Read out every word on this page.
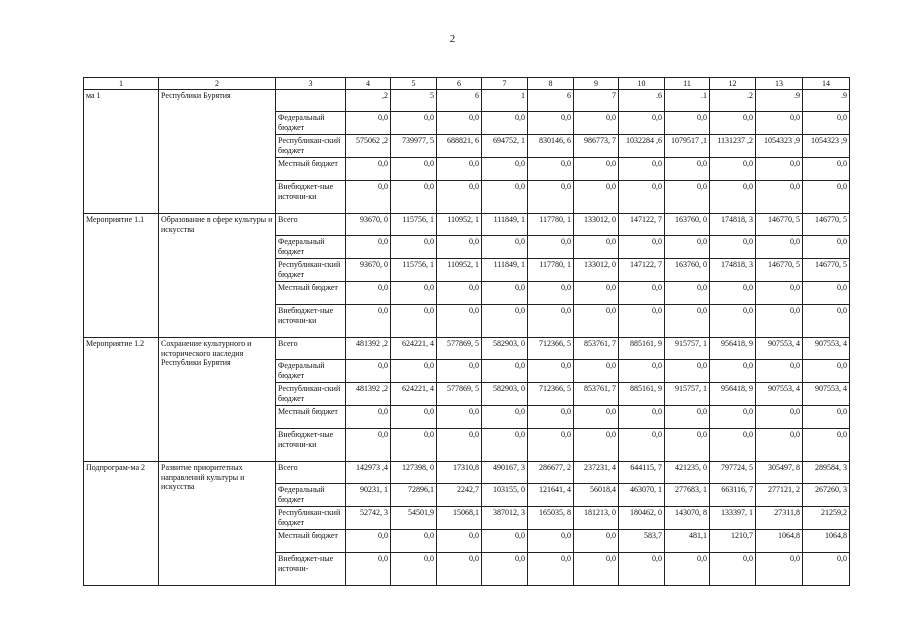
2
1	2	3	4	5	6	7	8	9	10	11	12	13	14
ма 1	Республики Бурятия		,2	5	6	1	6	7	.6	.1	.2	.9	.9
		Федеральный бюджет	0,0	0,0	0,0	0,0	0,0	0,0	0,0	0,0	0,0	0,0	0,0
		Республикан-ский бюджет	575062 ,2	739977, 5	688821, 6	694752, 1	830146, 6	986773, 7	1032284 ,6	1079517 ,1	1131237 ,2	1054323 ,9	1054323 ,9
		Местный бюджет	0,0	0,0	0,0	0,0	0,0	0,0	0,0	0,0	0,0	0,0	0,0
		Внебюджет-ные источни-ки	0,0	0,0	0,0	0,0	0,0	0,0	0,0	0,0	0,0	0,0	0,0
Мероприятие 1.1	Образование в сфере культуры и искусства	Всего	93670, 0	115756, 1	110952, 1	111849, 1	117780, 1	133012, 0	147122, 7	163760, 0	174818, 3	146770, 5	146770, 5
		Федеральный бюджет	0,0	0,0	0,0	0,0	0,0	0,0	0,0	0,0	0,0	0,0	0,0
		Республикан-ский бюджет	93670, 0	115756, 1	110952, 1	111849, 1	117780, 1	133012, 0	147122, 7	163760, 0	174818, 3	146770, 5	146770, 5
		Местный бюджет	0,0	0,0	0,0	0,0	0,0	0,0	0,0	0,0	0,0	0,0	0,0
		Внебюджет-ные источни-ки	0,0	0,0	0,0	0,0	0,0	0,0	0,0	0,0	0,0	0,0	0,0
Мероприятие 1.2	Сохранение культурного и исторического наследия Республики Бурятия	Всего	481392 ,2	624221, 4	577869, 5	582903, 0	712366, 5	853761, 7	885161, 9	915757, 1	956418, 9	907553, 4	907553, 4
		Федеральный бюджет	0,0	0,0	0,0	0,0	0,0	0,0	0,0	0,0	0,0	0,0	0,0
		Республикан-ский бюджет	481392 ,2	624221, 4	577869, 5	582903, 0	712366, 5	853761, 7	885161, 9	915757, 1	956418, 9	907553, 4	907553, 4
		Местный бюджет	0,0	0,0	0,0	0,0	0,0	0,0	0,0	0,0	0,0	0,0	0,0
		Внебюджет-ные источни-ки	0,0	0,0	0,0	0,0	0,0	0,0	0,0	0,0	0,0	0,0	0,0
Подпрограм-ма 2	Развитие приоритетных направлений культуры и искусства	Всего	142973 ,4	127398, 0	17310,8	490167, 3	286677, 2	237231, 4	644115, 7	421235, 0	797724, 5	305497, 8	289584, 3
		Федеральный бюджет	90231, 1	72896,1	2242,7	103155, 0	121641, 4	56018,4	463070, 1	277683, 1	663116, 7	277121, 2	267260, 3
		Республикан-ский бюджет	52742, 3	54501,9	15068,1	387012, 3	165035, 8	181213, 0	180462, 0	143070, 8	133397, 1	27311,8	21259,2
		Местный бюджет	0,0	0,0	0,0	0,0	0,0	0,0	583,7	481,1	1210,7	1064,8	1064,8
		Внебюджет-ные источни-	0,0	0,0	0,0	0,0	0,0	0,0	0,0	0,0	0,0	0,0	0,0
